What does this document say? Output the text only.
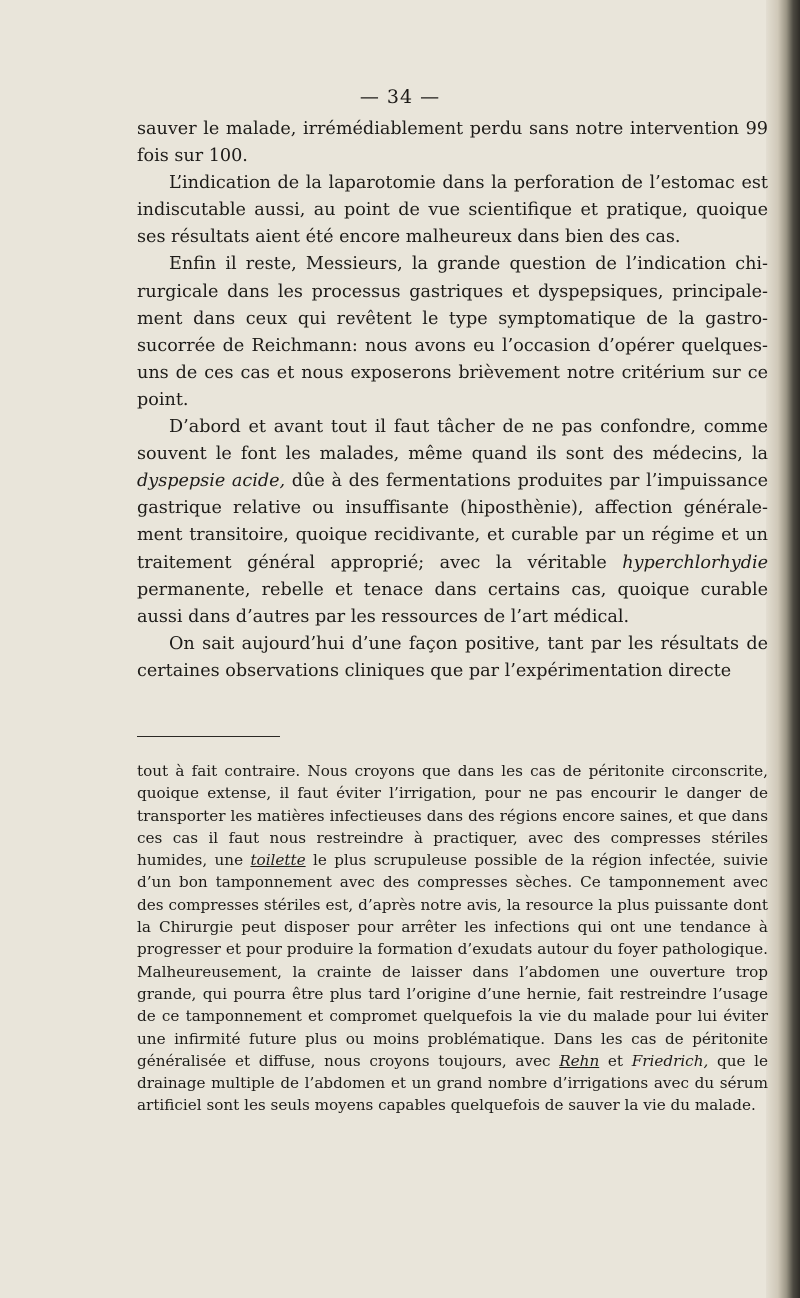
— 34 —

sauver le malade, irrémédiablement perdu sans notre intervention 99 fois sur 100.

L’indication de la laparotomie dans la perforation de l’estomac est indiscutable aussi, au point de vue scientifique et pratique, quoique ses résultats aient été encore malheureux dans bien des cas.

Enfin il reste, Messieurs, la grande question de l’indication chirurgicale dans les processus gastriques et dyspepsiques, principalement dans ceux qui revêtent le type symptomatique de la gastrosucorrée de Reichmann: nous avons eu l’occasion d’opérer quelques-uns de ces cas et nous exposerons brièvement notre critérium sur ce point.

D’abord et avant tout il faut tâcher de ne pas confondre, comme souvent le font les malades, même quand ils sont des médecins, la dyspepsie acide, dûe à des fermentations produites par l’impuissance gastrique relative ou insuffisante (hiposthènie), affection généralement transitoire, quoique recidivante, et curable par un régime et un traitement général approprié; avec la véritable hyperchlorhydie permanente, rebelle et tenace dans certains cas, quoique curable aussi dans d’autres par les ressources de l’art médical.

On sait aujourd’hui d’une façon positive, tant par les résultats de certaines observations cliniques que par l’expérimentation directe

tout à fait contraire. Nous croyons que dans les cas de péritonite circonscrite, quoique extense, il faut éviter l’irrigation, pour ne pas encourir le danger de transporter les matières infectieuses dans des régions encore saines, et que dans ces cas il faut nous restreindre à practiquer, avec des compresses stériles humides, une toilette le plus scrupuleuse possible de la région infectée, suivie d’un bon tamponnement avec des compresses sèches. Ce tamponnement avec des compresses stériles est, d’après notre avis, la resource la plus puissante dont la Chirurgie peut disposer pour arrêter les infections qui ont une tendance à progresser et pour produire la formation d’exudats autour du foyer pathologique. Malheureusement, la crainte de laisser dans l’abdomen une ouverture trop grande, qui pourra être plus tard l’origine d’une hernie, fait restreindre l’usage de ce tamponnement et compromet quelquefois la vie du malade pour lui éviter une infirmité future plus ou moins problématique. Dans les cas de péritonite généralisée et diffuse, nous croyons toujours, avec Rehn et Friedrich, que le drainage multiple de l’abdomen et un grand nombre d’irrigations avec du sérum artificiel sont les seuls moyens capables quelquefois de sauver la vie du malade.
